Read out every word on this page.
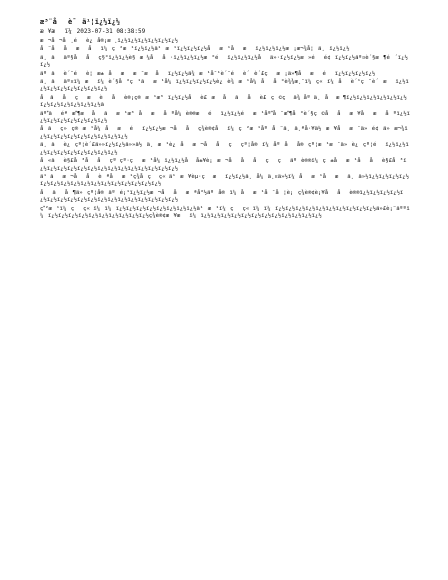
æ³¨åè¯ä¹¦ï¿½ï¿½
æ¥æï¼2023-07-31 08:38:59

æ¬å¬å¸éè¿å®¡æ ¸ï¿½ï¿½ï¿½ï¿½ï¿½ï¿½

å¨ååæåï¼ç²æ¹ï¿½ï¿½ä¹æ¹ï¿½ï¿½ï¿½åæ¹åæï¿½ï¿½ï¿½æ¡æ¬¾å¦ä¸ï¿½ï¿½

ä¸ãäº§ååç§°ï¿½ï¿½è§æ ¼åå·ï¿½ï¿½ï¿½æ°éï¿½ï¿½ï¿½åä»·ï¿½ï¿½æ»éé¢ï¿½ï¿½äº¤è´§æ¶é´ï¿½ï¿½

äºãè´¨éè¦æ±åææ¯æ åï¿½ï¿½ä¾æ¹å¯¹è´¨éè´è´£çæ¡ä»¶åæéï¿½ï¿½ï¿½ï¿½

ä¸ãäº¤ï¼æï¼è´§å°ç¹ãæ¹å¼ï¿½ï¿½ï¿½ï¿½è¿è¾æ¹å¼åå°è¾¾æ¸¯ï¼ç«ï¼åè´¹ç¨è´æï¿½ï¿½ï¿½ï¿½ï¿½ï¿½ï¿½ï¿½

åãåçæèåè®¡ç®æ¹æ³ï¿½ï¿½åè£æ åãåè£ç©çä¾åºä¸åæ¶ï¿½ï¿½ï¿½ï¿½ï¿½ï¿½ï¿½ï¿½ï¿½ï¿½ï¿½ï¿½ã

äºãéªæ¶æ åãæ¹æ³åæåºå¼è®®æéï¿½ï¿½éæ¹åºå¨æ¶å°è´§ç©ååæ¥åæåºï¿½ï¿½ï¿½ï¿½ï¿½ï¿½ï¿½ï¿½

åãç»ç®æ¹å¼åæéï¿½ï¿½æ¬ååç¾è®¢åï¼ç²æ¹åºå¨ä¸ä¸ªå·¥ä½æ¥åæ¯ä»é¢ä»æ¬¾ï¿½ï¿½ï¿½ï¿½ï¿½ï¿½ï¿½ï¿½ï¿½

ä¸ãè¿çº¦è´£ä»»ï¿½ï¿½ä»»ä½ä¸æ¹è¿åæ¬ååççº¦å®ï¼åºåå®çº¦æ¹æ¯ä»è¿çº¦éï¿½ï¿½ï¿½ï¿½ï¿½ï¿½ï¿½ï¿½ï¿½ï¿½

å«ãè§£å³ååçº çº·çæ¹å¼ï¿½ï¿½å å±¥è¡æ¬åååççäºè®®ï¼ç±åæ¹ååè§£å³ï¿½ï¿½ï¿½ï¿½ï¿½ï¿½ï¿½ï¿½ï¿½ï¿½ï¿½ï¿½ï¿½ï¿½

ä¹ãæ¬ååèªåæ¹ç¾åçç« ä¹æ¥èµ·çæï¿½ï¿½ä¸å¼ä¸¤ä»½ï¼åæ¹åæä¸ä»½ï¿½ï¿½ï¿½ï¿½ï¿½ï¿½ï¿½ï¿½ï¿½ï¿½ï¿½ï¿½ï¿½ï¿½ï¿½ï¿½

åãå¶ä»çº¦å®äºé¡¹ï¿½ï¿½æ¬ååæªå°½äºå®ï¼åæ¹å¯å¦è¡ç¾è®¢è¡¥ååè®®ï¿½ï¿½ï¿½ï¿½ï¿½ï¿½ï¿½ï¿½ï¿½ï¿½ï¿½ï¿½ï¿½ï¿½ï¿½ï¿½ï¿½ï¿½

ç²æ¹ï¼çç« ï¼ï¼ï¿½ï¿½ï¿½ï¿½ï¿½ï¿½ï¿½ï¿½ä¹æ¹ï¼çç« ï¼ï¼ï¿½ï¿½ï¿½ï¿½ï¿½ï¿½ï¿½ï¿½ï¿½ï¿½ä»£è¡¨äººï¼ï¿½ï¿½ï¿½ï¿½ï¿½ï¿½ï¿½ï¿½ï¿½ï¿½ç¾è®¢æ¥æï¼ï¿½ï¿½ï¿½ï¿½ï¿½ï¿½ï¿½ï¿½ï¿½ï¿½ï¿½ï¿½
